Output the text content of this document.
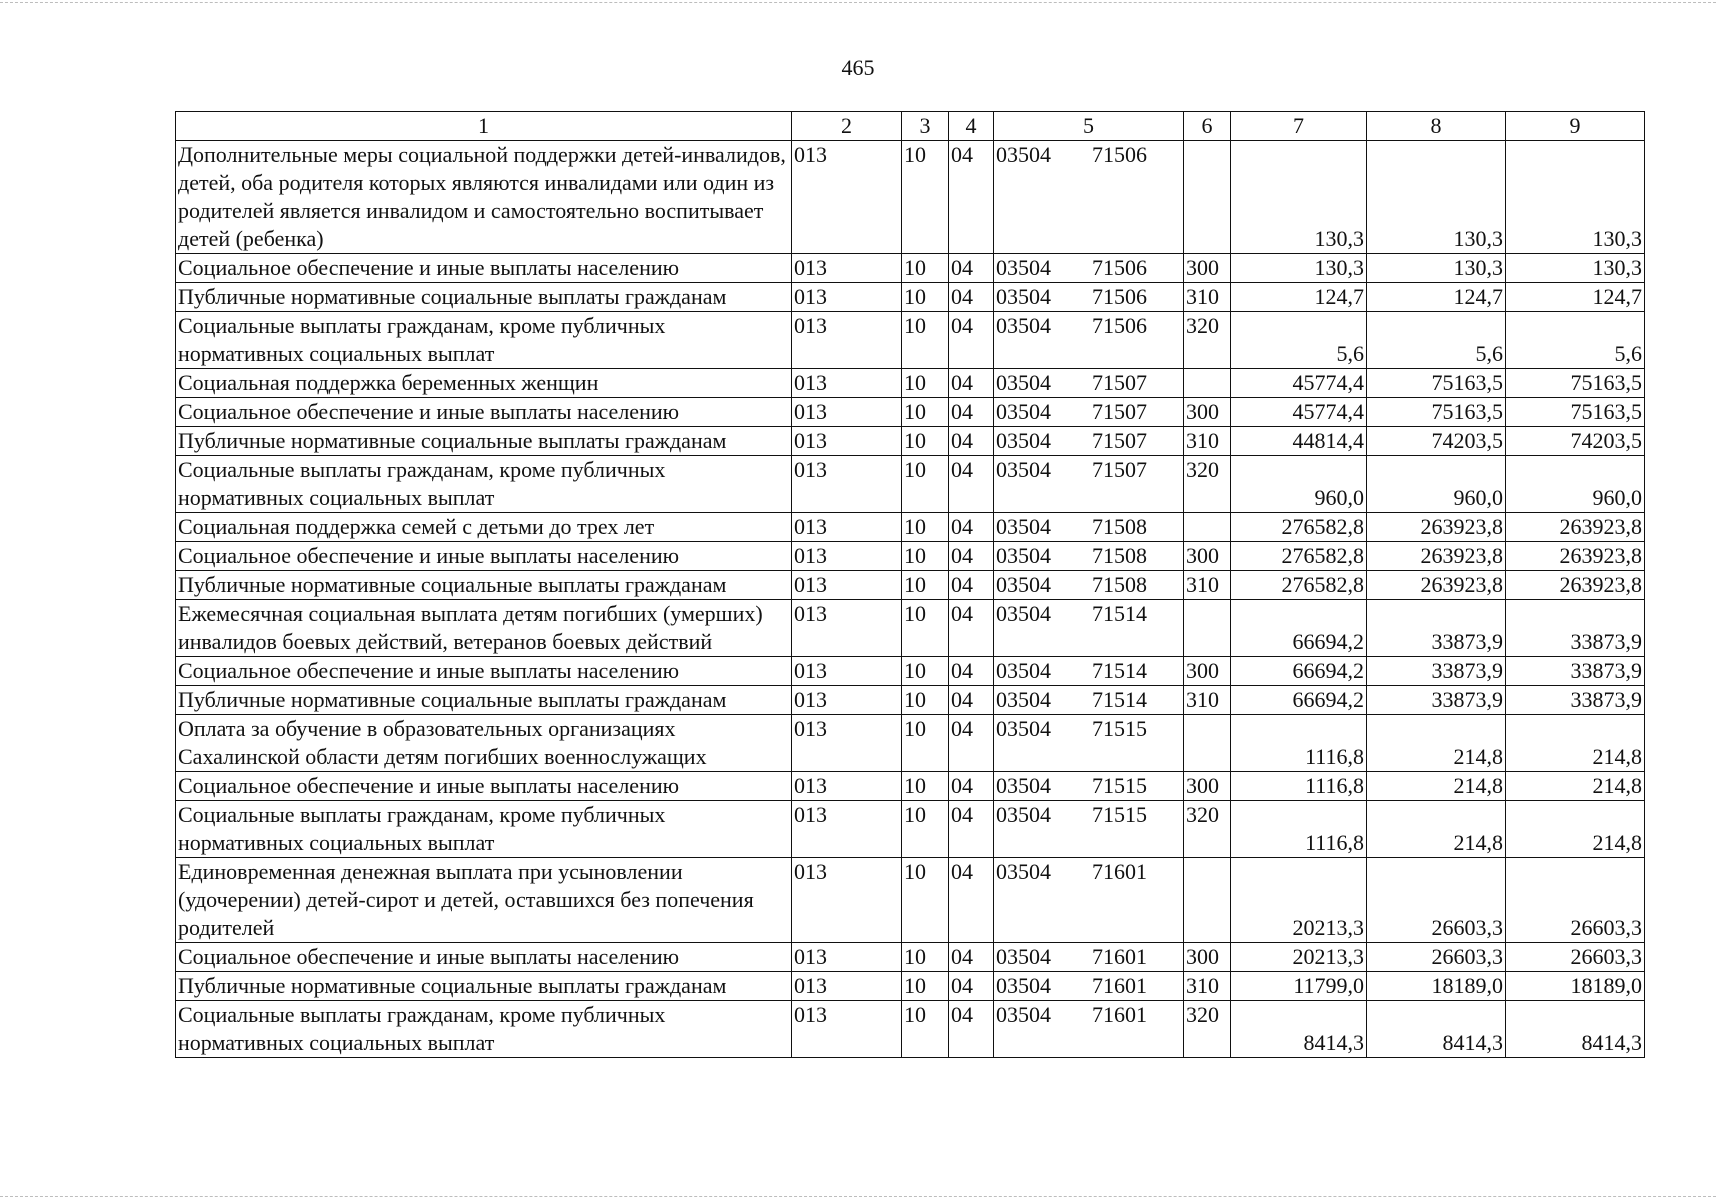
465
1	2	3	4	5	6	7	8	9
Дополнительные меры социальной поддержки детей-инвалидов, детей, оба родителя которых являются инвалидами или один из родителей является инвалидом и самостоятельно воспитывает детей (ребенка)	013	10	04	03504 71506		130,3	130,3	130,3
Социальное обеспечение и иные выплаты населению	013	10	04	03504 71506	300	130,3	130,3	130,3
Публичные нормативные социальные выплаты гражданам	013	10	04	03504 71506	310	124,7	124,7	124,7
Социальные выплаты гражданам, кроме публичных нормативных социальных выплат	013	10	04	03504 71506	320	5,6	5,6	5,6
Социальная поддержка беременных женщин	013	10	04	03504 71507		45774,4	75163,5	75163,5
Социальное обеспечение и иные выплаты населению	013	10	04	03504 71507	300	45774,4	75163,5	75163,5
Публичные нормативные социальные выплаты гражданам	013	10	04	03504 71507	310	44814,4	74203,5	74203,5
Социальные выплаты гражданам, кроме публичных нормативных социальных выплат	013	10	04	03504 71507	320	960,0	960,0	960,0
Социальная поддержка семей с детьми до трех лет	013	10	04	03504 71508		276582,8	263923,8	263923,8
Социальное обеспечение и иные выплаты населению	013	10	04	03504 71508	300	276582,8	263923,8	263923,8
Публичные нормативные социальные выплаты гражданам	013	10	04	03504 71508	310	276582,8	263923,8	263923,8
Ежемесячная социальная выплата детям погибших (умерших) инвалидов боевых действий, ветеранов боевых действий	013	10	04	03504 71514		66694,2	33873,9	33873,9
Социальное обеспечение и иные выплаты населению	013	10	04	03504 71514	300	66694,2	33873,9	33873,9
Публичные нормативные социальные выплаты гражданам	013	10	04	03504 71514	310	66694,2	33873,9	33873,9
Оплата за обучение в образовательных организациях Сахалинской области детям погибших военнослужащих	013	10	04	03504 71515		1116,8	214,8	214,8
Социальное обеспечение и иные выплаты населению	013	10	04	03504 71515	300	1116,8	214,8	214,8
Социальные выплаты гражданам, кроме публичных нормативных социальных выплат	013	10	04	03504 71515	320	1116,8	214,8	214,8
Единовременная денежная выплата при усыновлении (удочерении) детей-сирот и детей, оставшихся без попечения родителей	013	10	04	03504 71601		20213,3	26603,3	26603,3
Социальное обеспечение и иные выплаты населению	013	10	04	03504 71601	300	20213,3	26603,3	26603,3
Публичные нормативные социальные выплаты гражданам	013	10	04	03504 71601	310	11799,0	18189,0	18189,0
Социальные выплаты гражданам, кроме публичных нормативных социальных выплат	013	10	04	03504 71601	320	8414,3	8414,3	8414,3
